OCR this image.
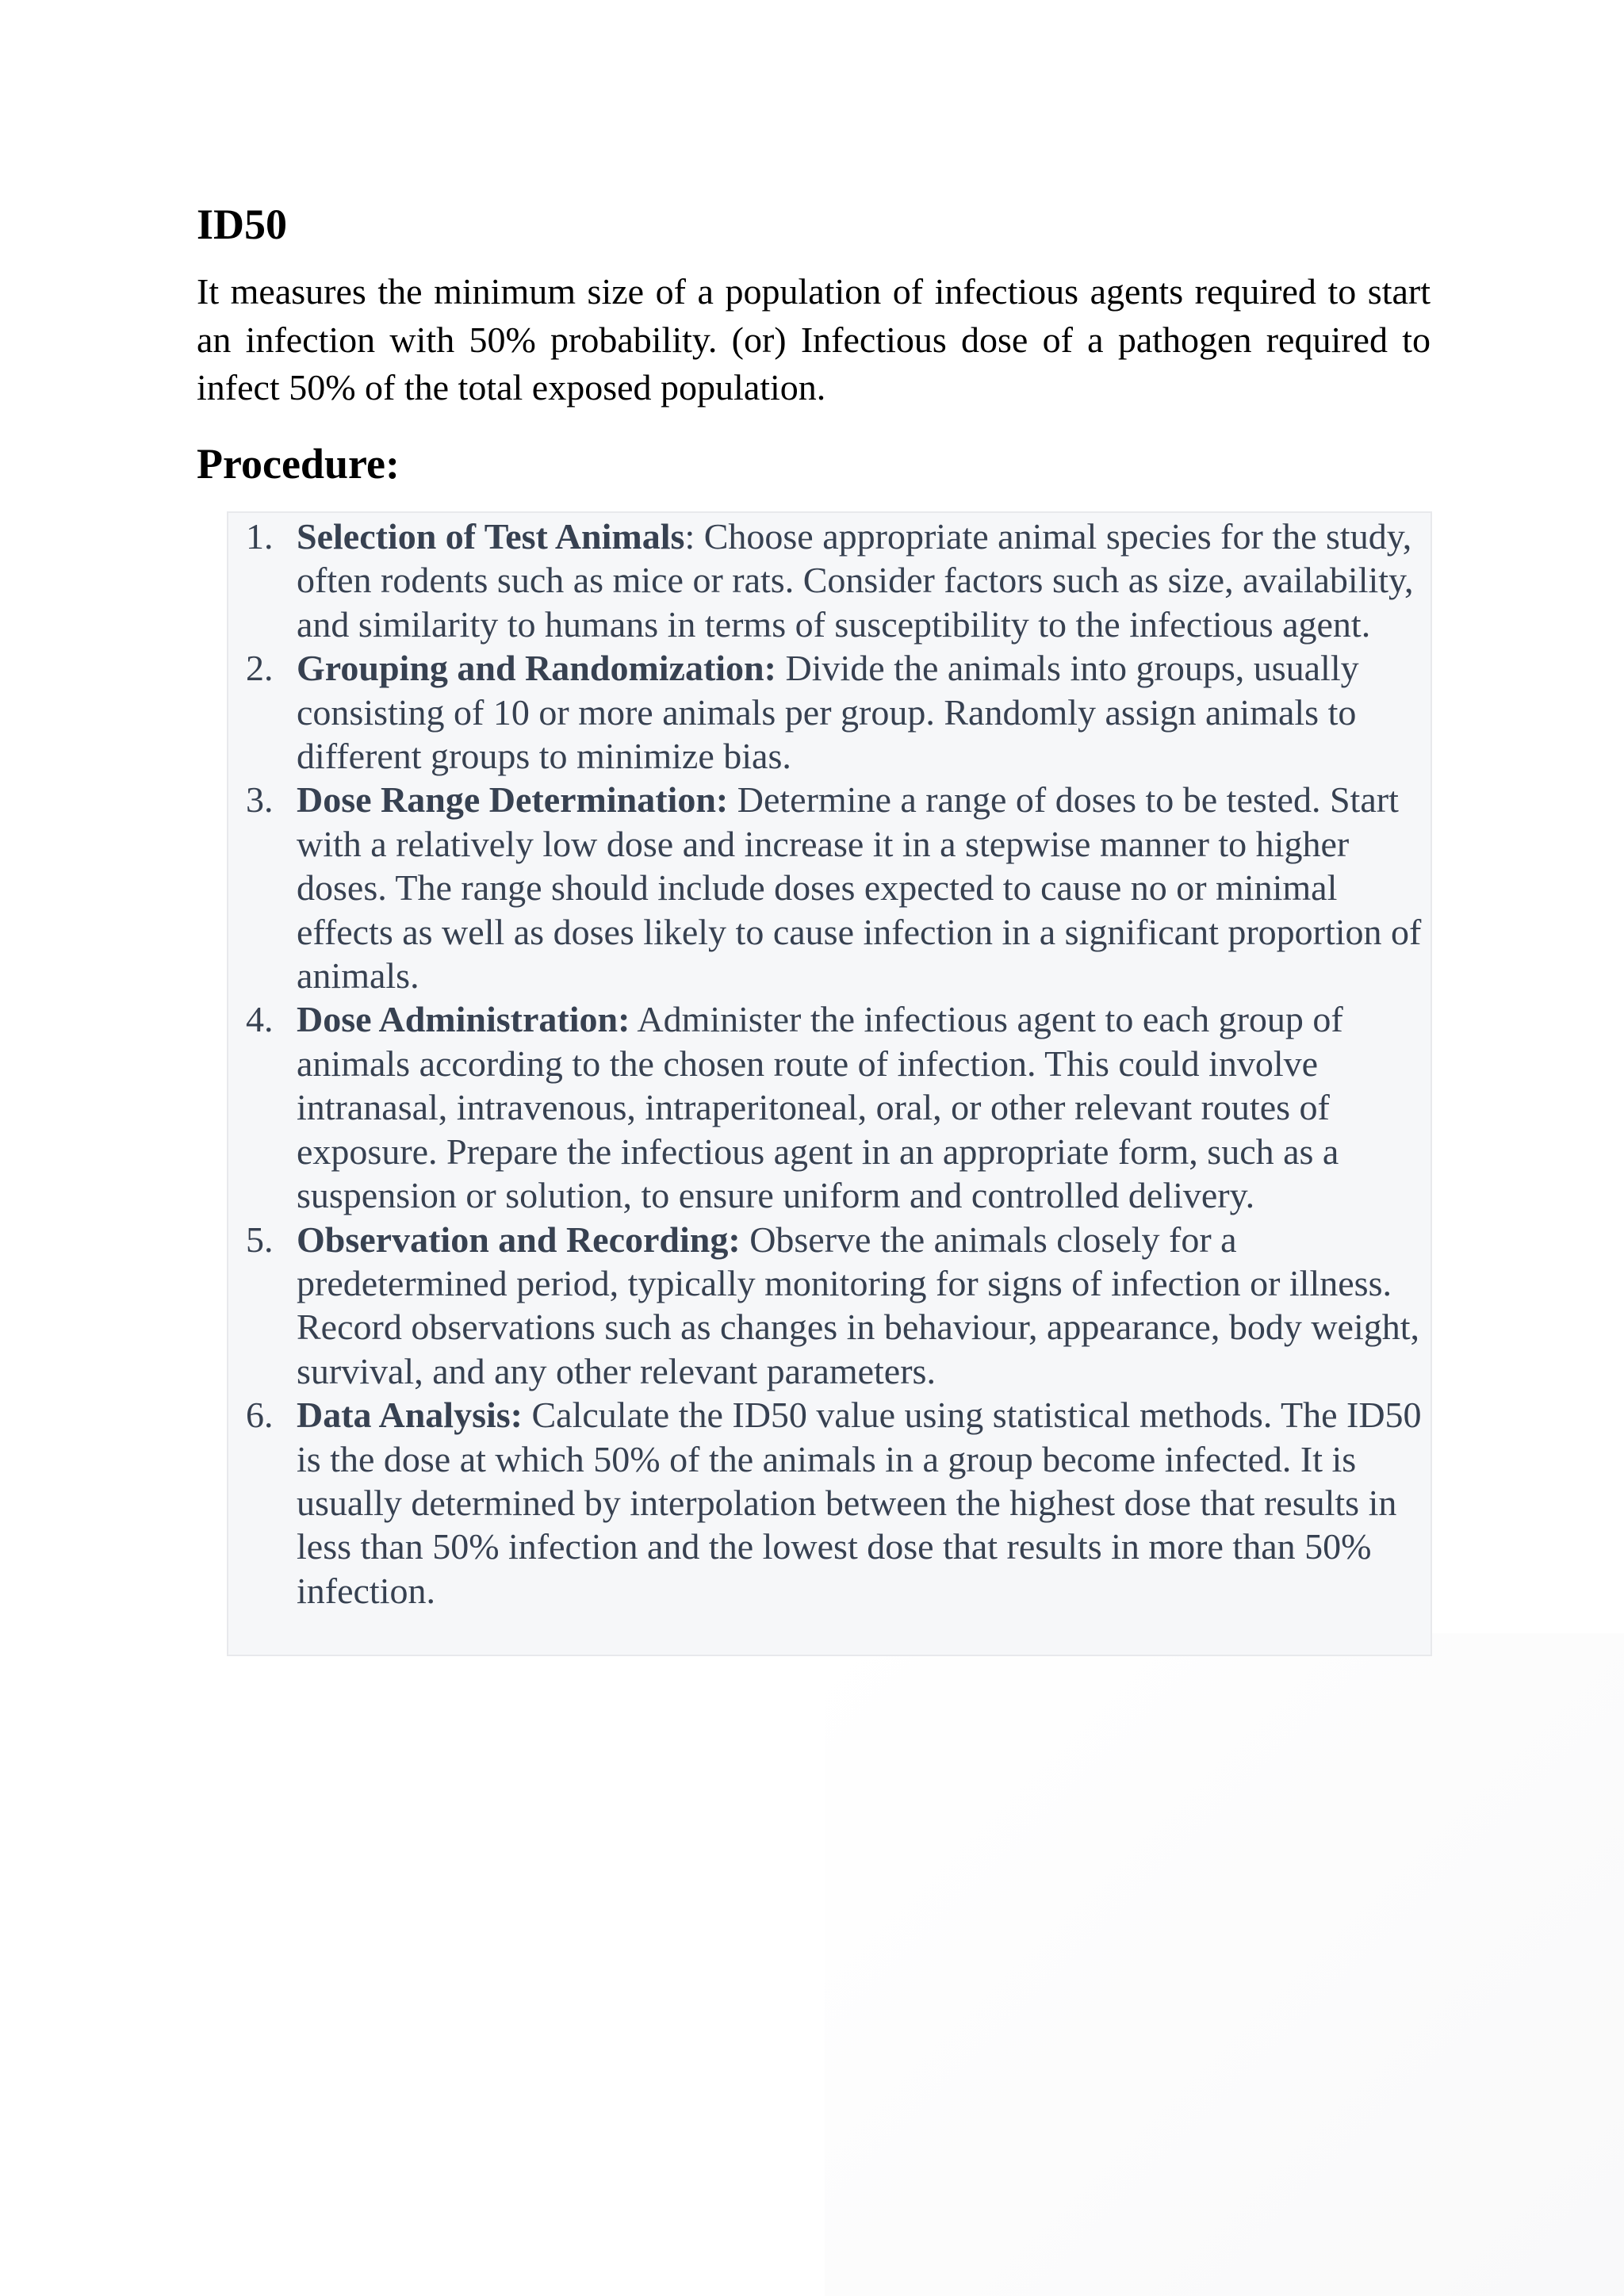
ID50

It measures the minimum size of a population of infectious agents required to start an infection with 50% probability. (or) Infectious dose of a pathogen required to infect 50% of the total exposed population.

Procedure:
1. Selection of Test Animals: Choose appropriate animal species for the study, often rodents such as mice or rats. Consider factors such as size, availability, and similarity to humans in terms of susceptibility to the infectious agent.
2. Grouping and Randomization: Divide the animals into groups, usually consisting of 10 or more animals per group. Randomly assign animals to different groups to minimize bias.
3. Dose Range Determination: Determine a range of doses to be tested. Start with a relatively low dose and increase it in a stepwise manner to higher doses. The range should include doses expected to cause no or minimal effects as well as doses likely to cause infection in a significant proportion of animals.
4. Dose Administration: Administer the infectious agent to each group of animals according to the chosen route of infection. This could involve intranasal, intravenous, intraperitoneal, oral, or other relevant routes of exposure. Prepare the infectious agent in an appropriate form, such as a suspension or solution, to ensure uniform and controlled delivery.
5. Observation and Recording: Observe the animals closely for a predetermined period, typically monitoring for signs of infection or illness. Record observations such as changes in behaviour, appearance, body weight, survival, and any other relevant parameters.
6. Data Analysis: Calculate the ID50 value using statistical methods. The ID50 is the dose at which 50% of the animals in a group become infected. It is usually determined by interpolation between the highest dose that results in less than 50% infection and the lowest dose that results in more than 50% infection.
